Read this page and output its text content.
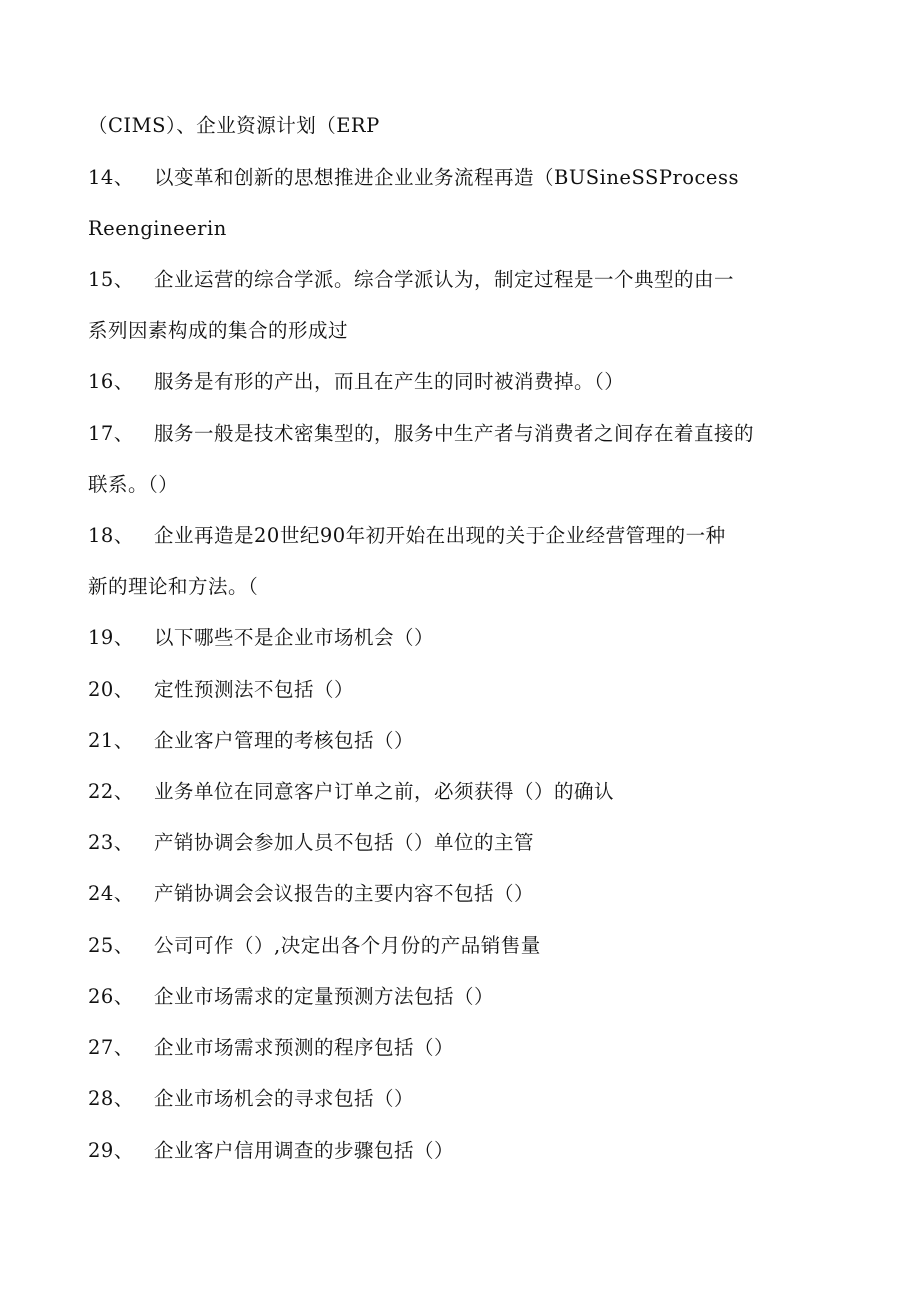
（CIMS）、企业资源计划（ERP
14、 以变革和创新的思想推进企业业务流程再造（BUSineSSProcess
Reengineerin
15、 企业运营的综合学派。综合学派认为，制定过程是一个典型的由一
系列因素构成的集合的形成过
16、 服务是有形的产出，而且在产生的同时被消费掉。（）
17、 服务一般是技术密集型的，服务中生产者与消费者之间存在着直接的
联系。（）
18、 企业再造是20世纪90年初开始在出现的关于企业经营管理的一种
新的理论和方法。（
19、 以下哪些不是企业市场机会（）
20、 定性预测法不包括（）
21、 企业客户管理的考核包括（）
22、 业务单位在同意客户订单之前，必须获得（）的确认
23、 产销协调会参加人员不包括（）单位的主管
24、 产销协调会会议报告的主要内容不包括（）
25、 公司可作（）,决定出各个月份的产品销售量
26、 企业市场需求的定量预测方法包括（）
27、 企业市场需求预测的程序包括（）
28、 企业市场机会的寻求包括（）
29、 企业客户信用调查的步骤包括（）
